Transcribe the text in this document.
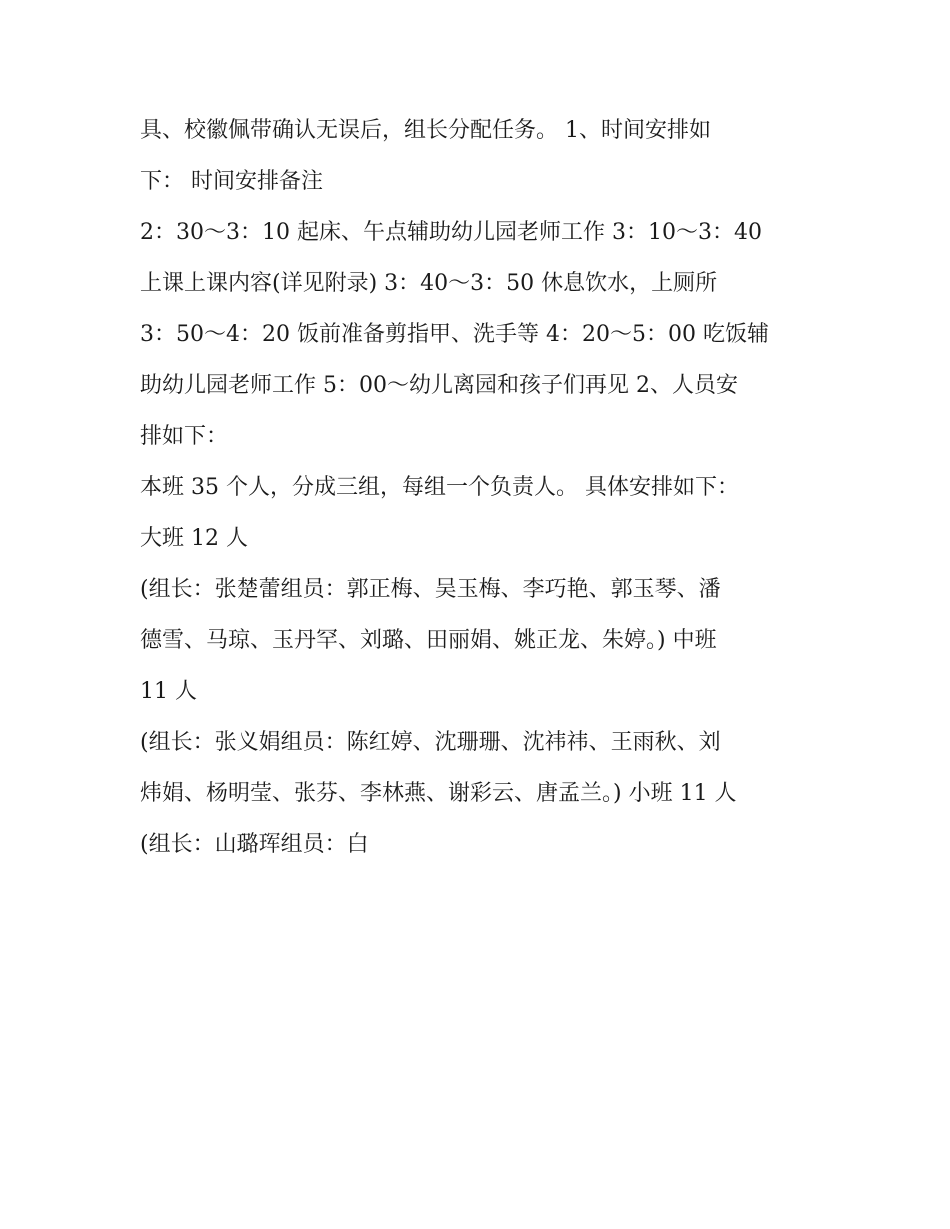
具、校徽佩带确认无误后，组长分配任务。 1、时间安排如
下： 时间安排备注
2：30～3：10 起床、午点辅助幼儿园老师工作 3：10～3：40
上课上课内容(详见附录) 3：40～3：50 休息饮水，上厕所
3：50～4：20 饭前准备剪指甲、洗手等 4：20～5：00 吃饭辅
助幼儿园老师工作 5：00～幼儿离园和孩子们再见 2、人员安
排如下：
本班 35 个人，分成三组，每组一个负责人。 具体安排如下：
大班 12 人
(组长：张楚蕾组员：郭正梅、吴玉梅、李巧艳、郭玉琴、潘
德雪、马琼、玉丹罕、刘璐、田丽娟、姚正龙、朱婷。) 中班
11 人
(组长：张义娟组员：陈红婷、沈珊珊、沈祎祎、王雨秋、刘
炜娟、杨明莹、张芬、李林燕、谢彩云、唐孟兰。) 小班 11 人
(组长：山璐珲组员：白
